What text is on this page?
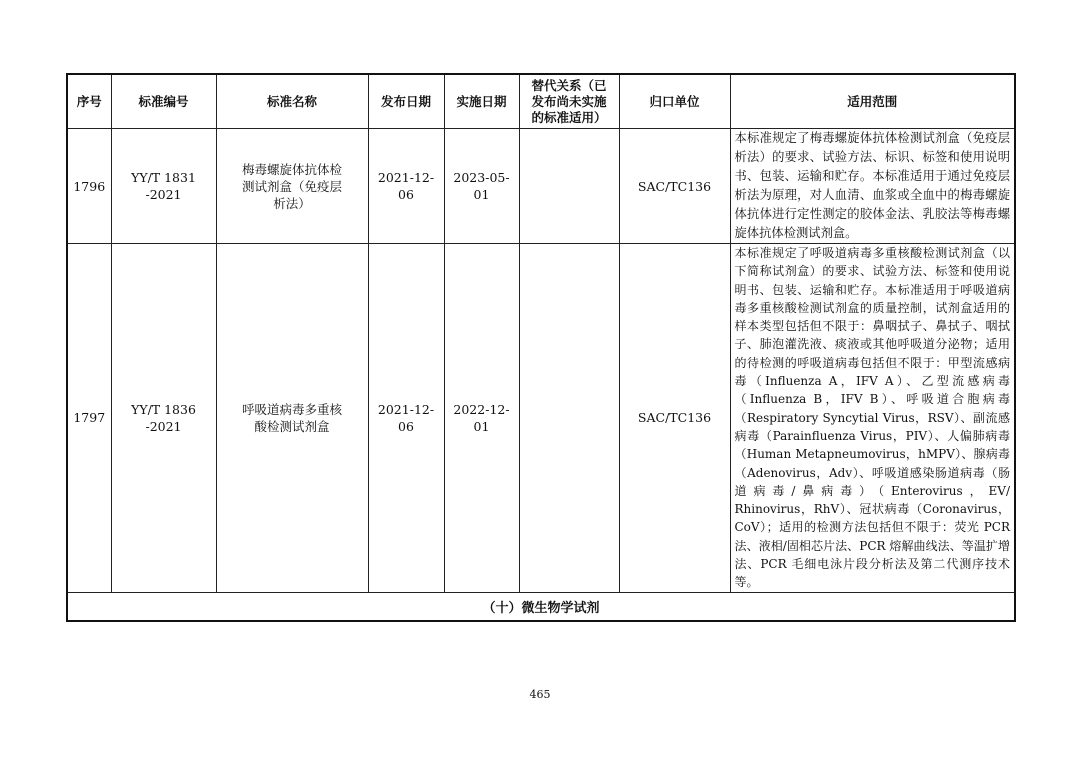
序号	标准编号	标准名称	发布日期	实施日期	替代关系（已发布尚未实施的标准适用）	归口单位	适用范围
1796	YY/T 1831-2021	梅毒螺旋体抗体检测试剂盒（免疫层析法）	2021-12-06	2023-05-01		SAC/TC136	本标准规定了梅毒螺旋体抗体检测试剂盒（免疫层析法）的要求、试验方法、标识、标签和使用说明书、包装、运输和贮存。本标准适用于通过免疫层析法为原理，对人血清、血浆或全血中的梅毒螺旋体抗体进行定性测定的胶体金法、乳胶法等梅毒螺旋体抗体检测试剂盒。
1797	YY/T 1836-2021	呼吸道病毒多重核酸检测试剂盒	2021-12-06	2022-12-01		SAC/TC136	本标准规定了呼吸道病毒多重核酸检测试剂盒（以下简称试剂盒）的要求、试验方法、标签和使用说明书、包装、运输和贮存。本标准适用于呼吸道病毒多重核酸检测试剂盒的质量控制，试剂盒适用的样本类型包括但不限于：鼻咽拭子、鼻拭子、咽拭子、肺泡灌洗液、痰液或其他呼吸道分泌物；适用的待检测的呼吸道病毒包括但不限于：甲型流感病毒（Influenza A，IFV A）、乙型流感病毒（Influenza B，IFV B）、呼吸道合胞病毒（Respiratory Syncytial Virus，RSV）、副流感病毒（Parainfluenza Virus，PIV）、人偏肺病毒（Human Metapneumovirus，hMPV）、腺病毒（Adenovirus，Adv）、呼吸道感染肠道病毒（肠道病毒/鼻病毒）（Enterovirus，EV/ Rhinovirus，RhV）、冠状病毒（Coronavirus，CoV）；适用的检测方法包括但不限于：荧光 PCR 法、液相/固相芯片法、PCR 熔解曲线法、等温扩增法、PCR 毛细电泳片段分析法及第二代测序技术等。
（十）微生物学试剂							
465
